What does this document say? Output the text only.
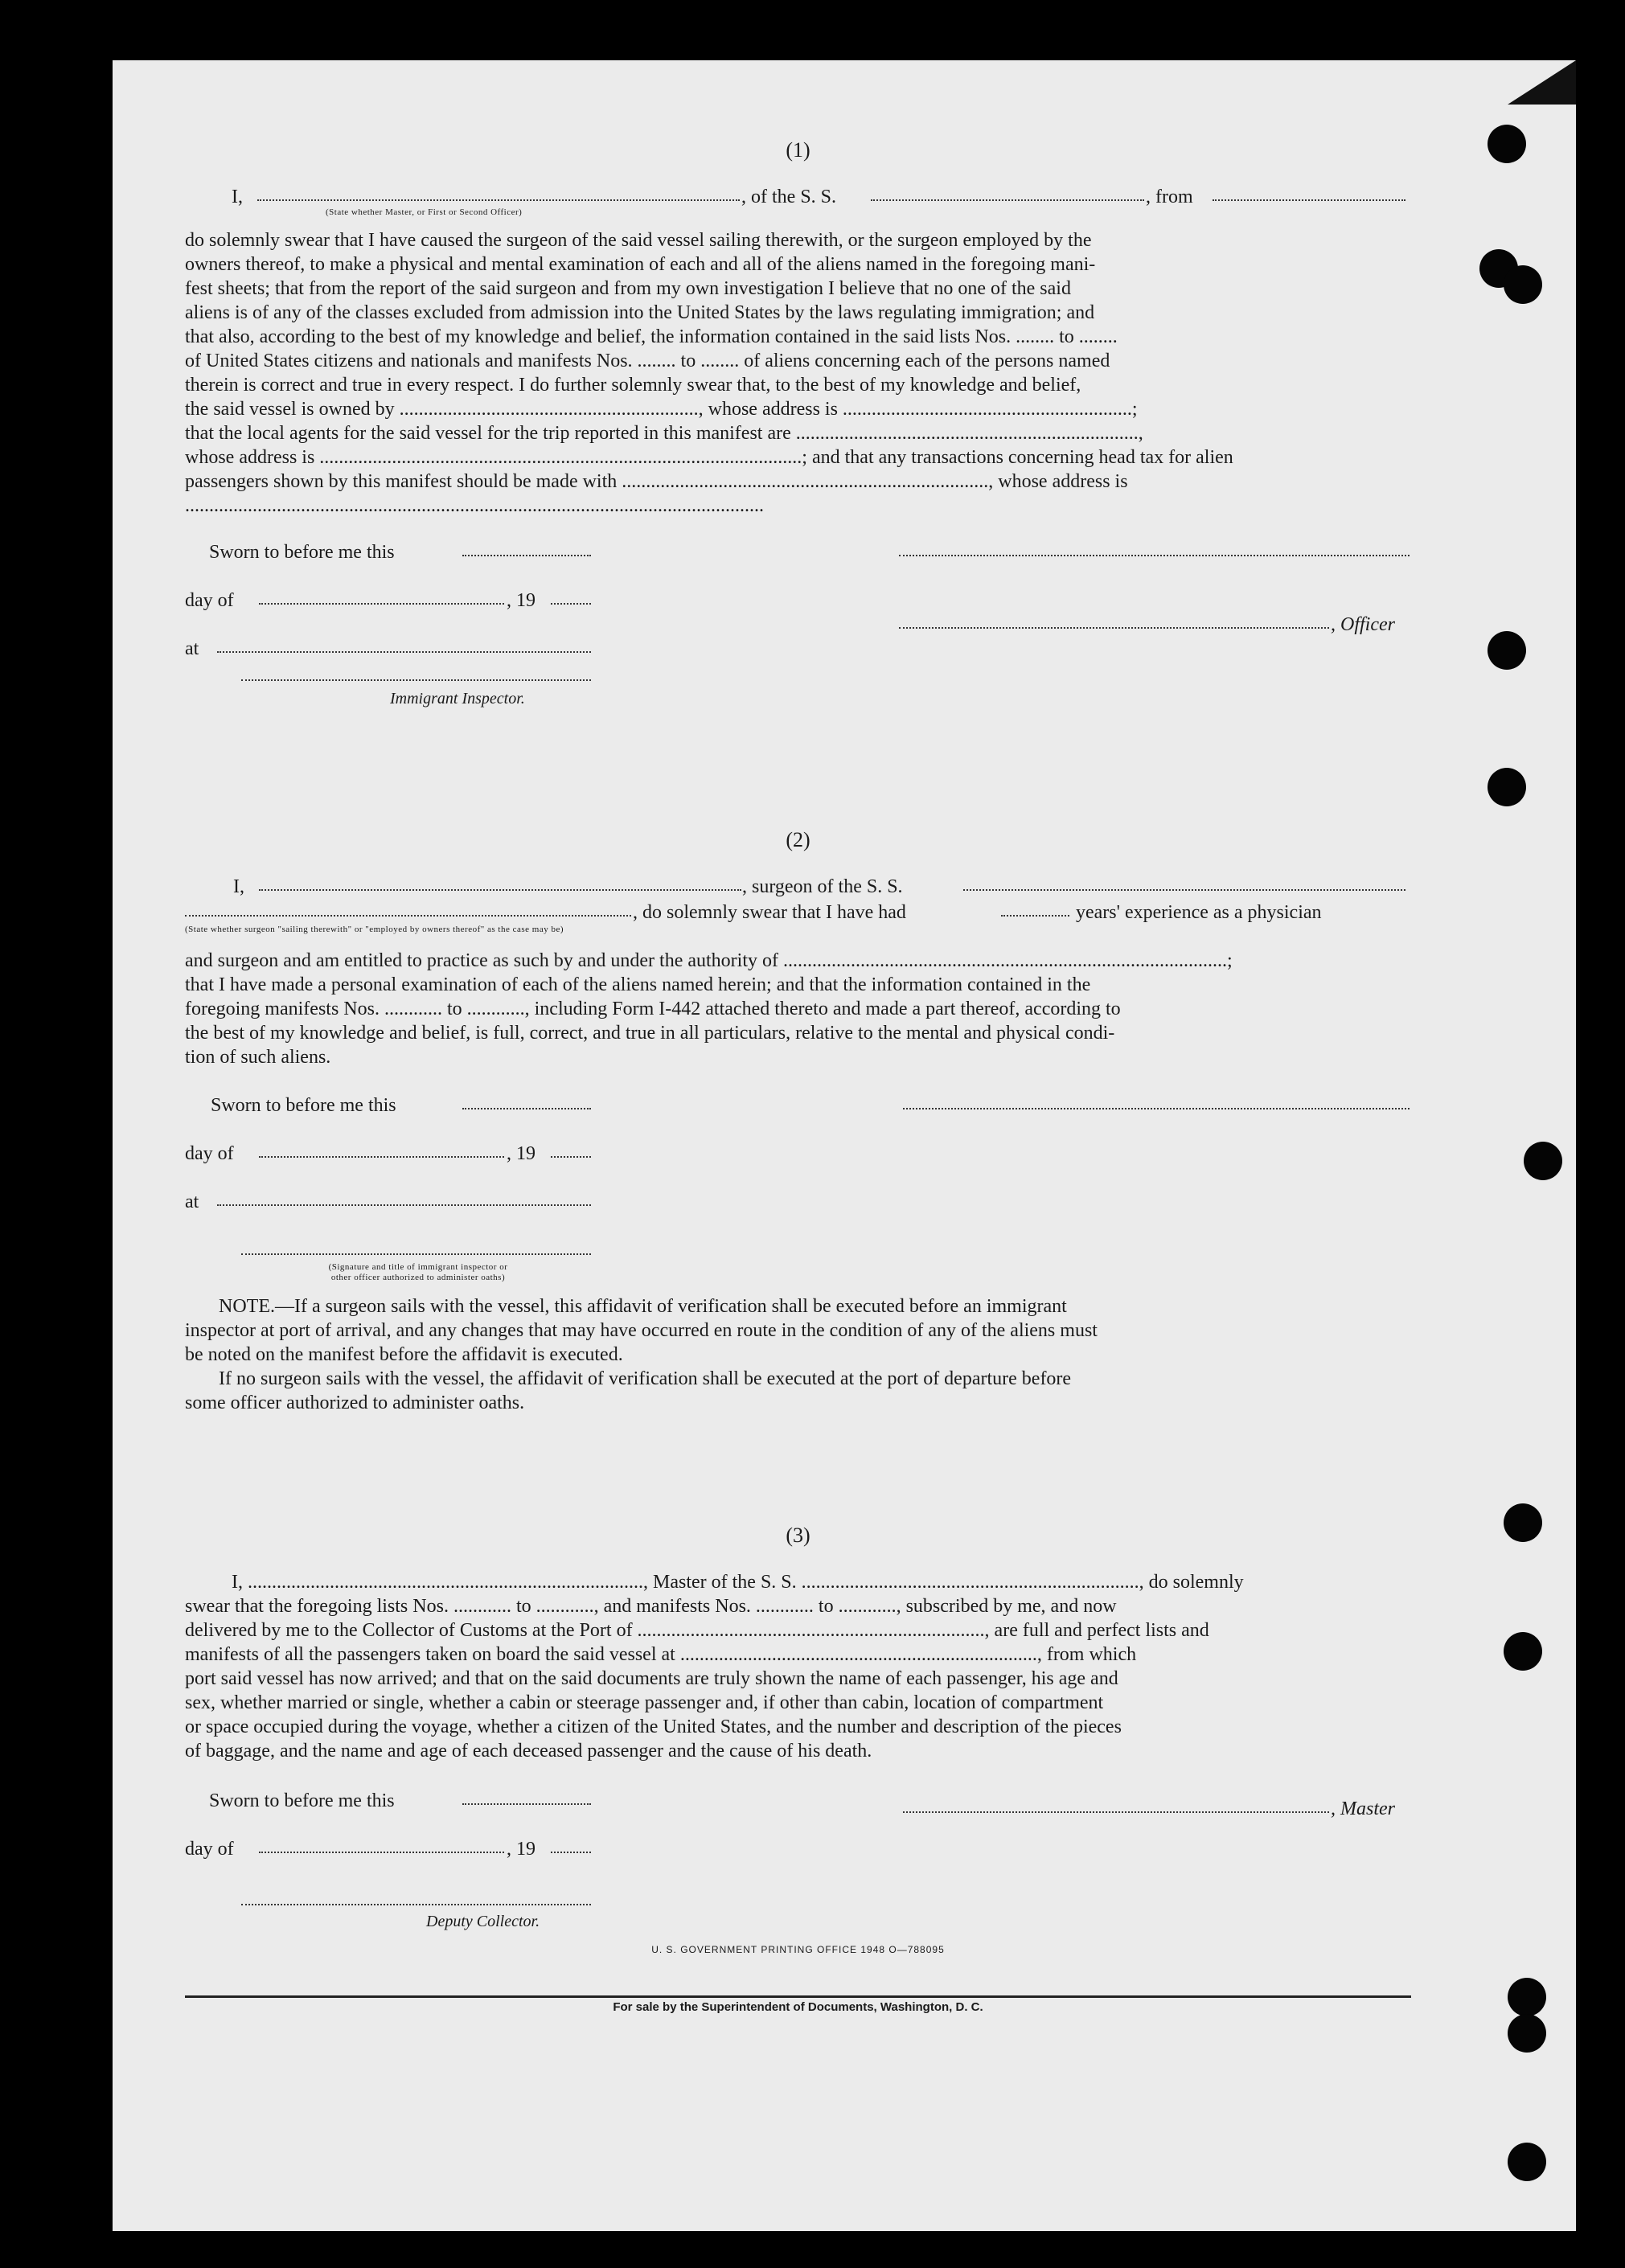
(1)
I,	, of the S. S.	, from
(State whether Master, or First or Second Officer)
do solemnly swear that I have caused the surgeon of the said vessel sailing therewith, or the surgeon employed by the
owners thereof, to make a physical and mental examination of each and all of the aliens named in the foregoing mani-
fest sheets; that from the report of the said surgeon and from my own investigation I believe that no one of the said
aliens is of any of the classes excluded from admission into the United States by the laws regulating immigration; and
that also, according to the best of my knowledge and belief, the information contained in the said lists Nos. ........ to ........
of United States citizens and nationals and manifests Nos. ........ to ........ of aliens concerning each of the persons named
therein is correct and true in every respect. I do further solemnly swear that, to the best of my knowledge and belief,
the said vessel is owned by .............................................................., whose address is ............................................................;
that the local agents for the said vessel for the trip reported in this manifest are .......................................................................,
whose address is ....................................................................................................; and that any transactions concerning head tax for alien
passengers shown by this manifest should be made with ............................................................................, whose address is
........................................................................................................................
Sworn to before me this
day of	, 19
, Officer
at
Immigrant Inspector.
(2)
I,	, surgeon of the S. S.
, do solemnly swear that I have had	years' experience as a physician
(State whether surgeon "sailing therewith" or "employed by owners thereof" as the case may be)
and surgeon and am entitled to practice as such by and under the authority of ............................................................................................;
that I have made a personal examination of each of the aliens named herein; and that the information contained in the
foregoing manifests Nos. ............ to ............, including Form I-442 attached thereto and made a part thereof, according to
the best of my knowledge and belief, is full, correct, and true in all particulars, relative to the mental and physical condi-
tion of such aliens.
Sworn to before me this
day of	, 19
at
(Signature and title of immigrant inspector or
other officer authorized to administer oaths)
NOTE.—If a surgeon sails with the vessel, this affidavit of verification shall be executed before an immigrant
inspector at port of arrival, and any changes that may have occurred en route in the condition of any of the aliens must
be noted on the manifest before the affidavit is executed.
If no surgeon sails with the vessel, the affidavit of verification shall be executed at the port of departure before
some officer authorized to administer oaths.
(3)
I, .................................................................................., Master of the S. S. ......................................................................, do solemnly
swear that the foregoing lists Nos. ............ to ............, and manifests Nos. ............ to ............, subscribed by me, and now
delivered by me to the Collector of Customs at the Port of ........................................................................, are full and perfect lists and
manifests of all the passengers taken on board the said vessel at .........................................................................., from which
port said vessel has now arrived; and that on the said documents are truly shown the name of each passenger, his age and
sex, whether married or single, whether a cabin or steerage passenger and, if other than cabin, location of compartment
or space occupied during the voyage, whether a citizen of the United States, and the number and description of the pieces
of baggage, and the name and age of each deceased passenger and the cause of his death.
Sworn to before me this	, Master
day of	, 19
Deputy Collector.
U. S. GOVERNMENT PRINTING OFFICE 1948 O—788095
For sale by the Superintendent of Documents, Washington, D. C.
